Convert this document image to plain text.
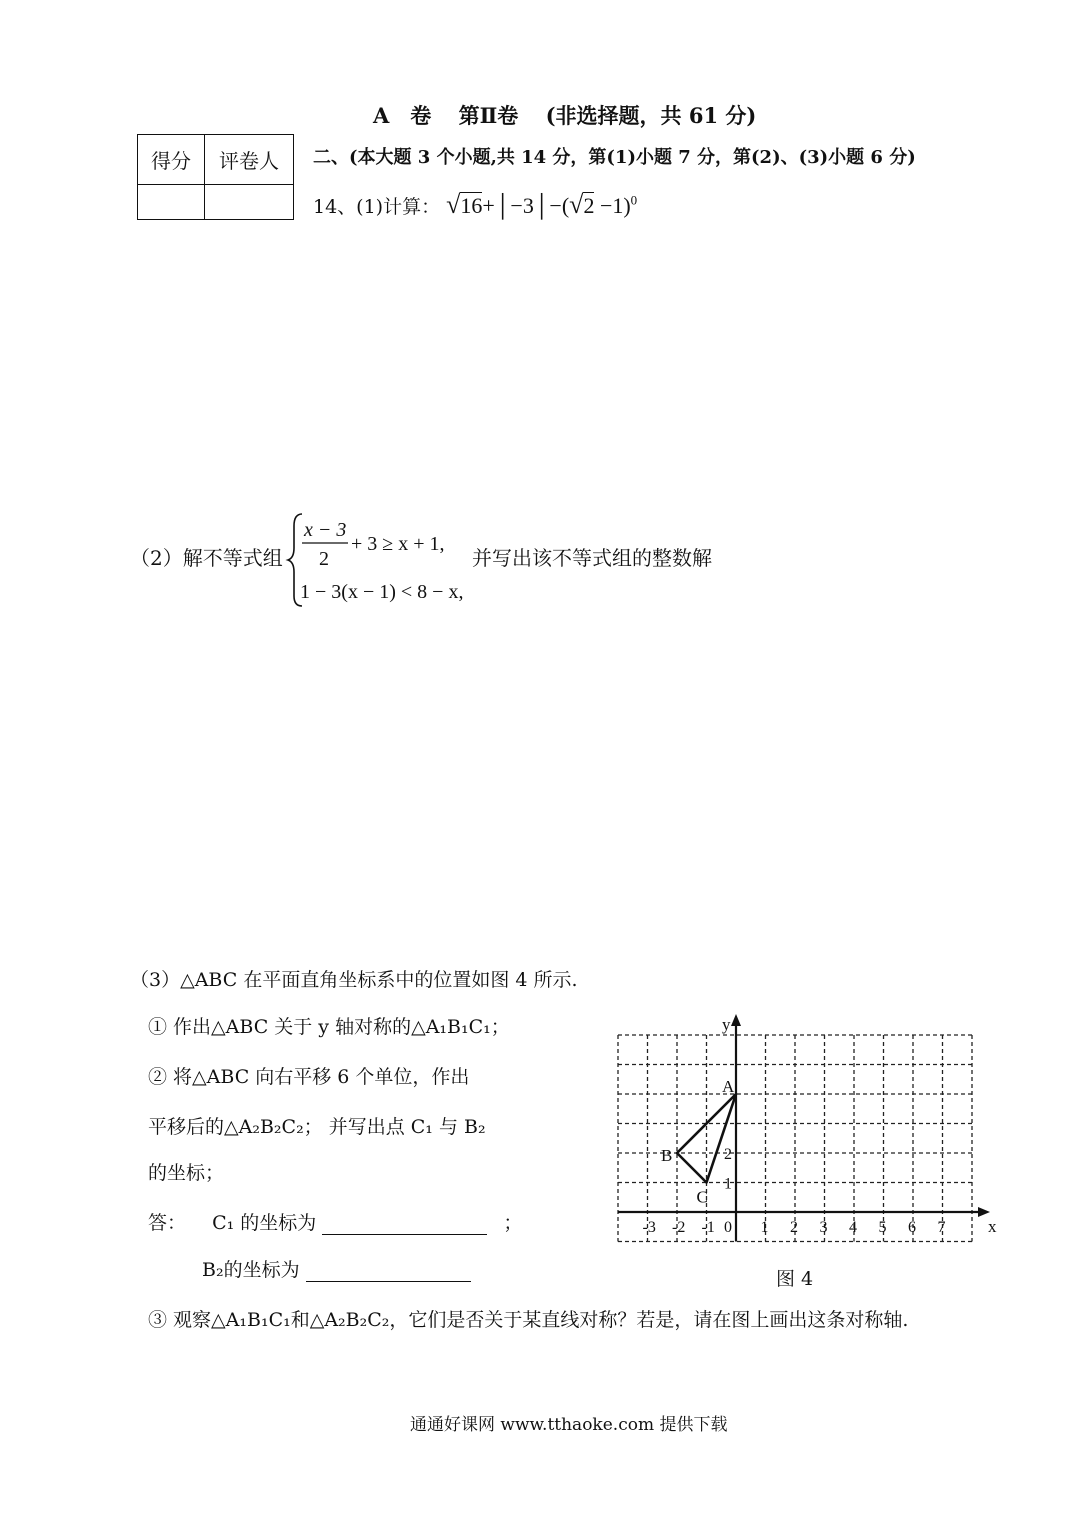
A　卷 第Ⅱ卷 (非选择题，共 61 分)
得分	评卷人
	二、(本大题 3 个小题,共 14 分，第(1)小题 7 分，第(2)、(3)小题 6 分)
14、(1)计算： √16+│−3│−(√2 −1)$^0$
（2）解不等式组
x − 3
2
+ 3 ≥ x + 1,
1 − 3(x − 1) < 8 − x,
并写出该不等式组的整数解
（3）△ABC 在平面直角坐标系中的位置如图 4 所示.
① 作出△ABC 关于 y 轴对称的△A₁B₁C₁；
② 将△ABC 向右平移 6 个单位，作出
平移后的△A₂B₂C₂； 并写出点 C₁ 与 B₂
的坐标；
答： C₁ 的坐标为	；
B₂的坐标为
③ 观察△A₁B₁C₁和△A₂B₂C₂，它们是否关于某直线对称？若是，请在图上画出这条对称轴.
x
y
0
-3 -2 -1	1 2 3 4 5 6 7
1
2
A
B
C
图 4
通通好课网 www.tthaoke.com 提供下载
